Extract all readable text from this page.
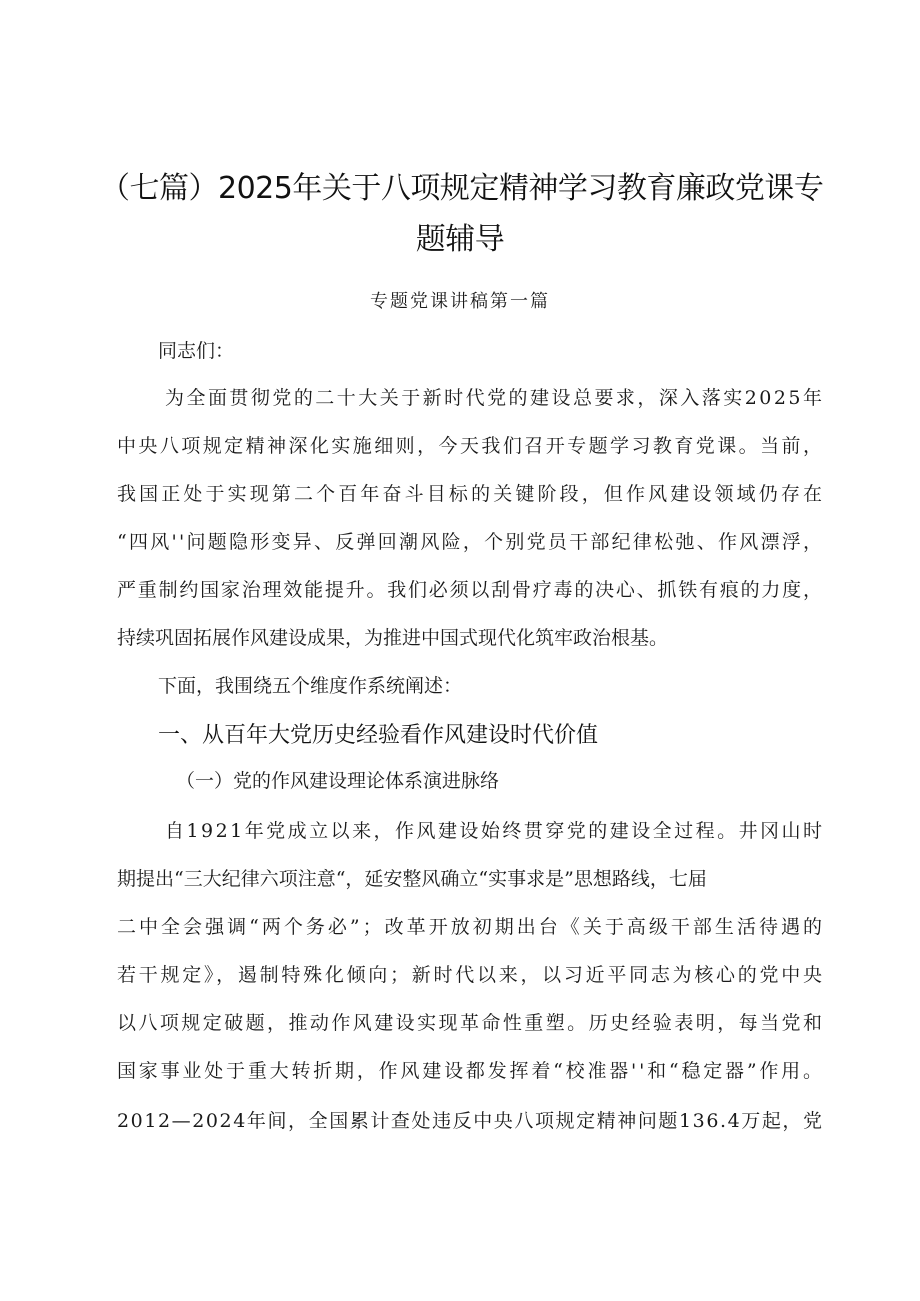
（七篇）2025年关于八项规定精神学习教育廉政党课专
题辅导
专题党课讲稿第一篇
同志们：
为全面贯彻党的二十大关于新时代党的建设总要求，深入落实2025年
中央八项规定精神深化实施细则，今天我们召开专题学习教育党课。当前，
我国正处于实现第二个百年奋斗目标的关键阶段，但作风建设领域仍存在
“四风''问题隐形变异、反弹回潮风险，个别党员干部纪律松弛、作风漂浮，
严重制约国家治理效能提升。我们必须以刮骨疗毒的决心、抓铁有痕的力度，
持续巩固拓展作风建设成果，为推进中国式现代化筑牢政治根基。
下面，我围绕五个维度作系统阐述：
一、从百年大党历史经验看作风建设时代价值
（一）党的作风建设理论体系演进脉络
自1921年党成立以来，作风建设始终贯穿党的建设全过程。井冈山时
期提出“三大纪律六项注意“，延安整风确立“实事求是”思想路线，七届
二中全会强调“两个务必”；改革开放初期出台《关于高级干部生活待遇的
若干规定》，遏制特殊化倾向；新时代以来，以习近平同志为核心的党中央
以八项规定破题，推动作风建设实现革命性重塑。历史经验表明，每当党和
国家事业处于重大转折期，作风建设都发挥着“校准器''和“稳定器”作用。
2012—2024年间，全国累计查处违反中央八项规定精神问题136.4万起，党
